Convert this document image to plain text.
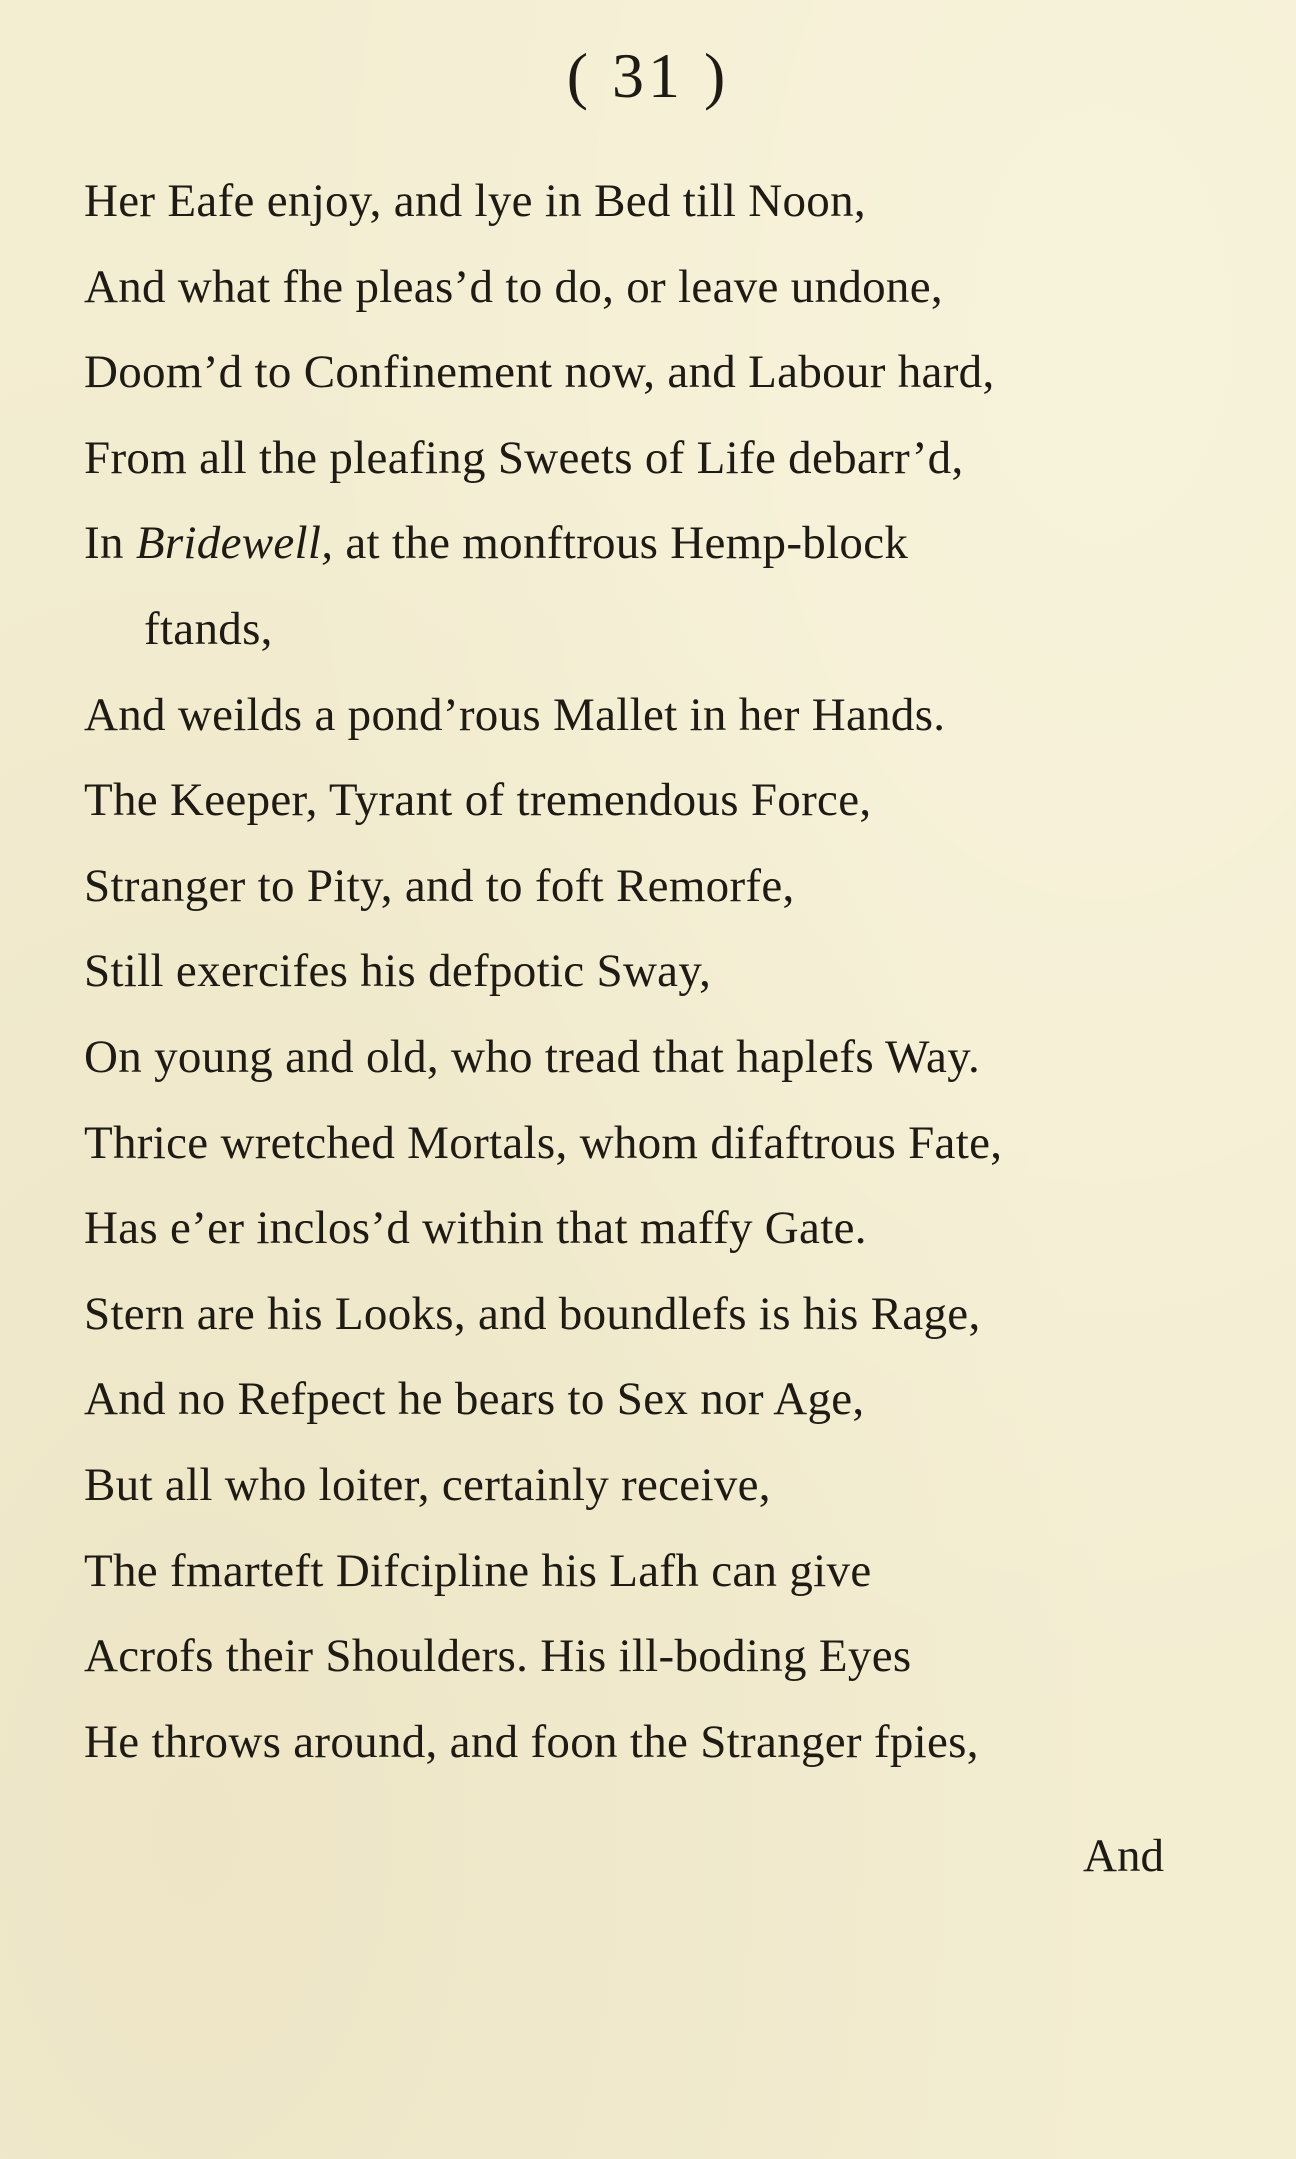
( 31 )
Her Eafe enjoy, and lye in Bed till Noon,
And what fhe pleas’d to do, or leave undone,
Doom’d to Confinement now, and Labour hard,
From all the pleafing Sweets of Life debarr’d,
In Bridewell, at the monftrous Hemp-block
ftands,
And weilds a pond’rous Mallet in her Hands.
The Keeper, Tyrant of tremendous Force,
Stranger to Pity, and to foft Remorfe,
Still exercifes his defpotic Sway,
On young and old, who tread that haplefs Way.
Thrice wretched Mortals, whom difaftrous Fate,
Has e’er inclos’d within that maffy Gate.
Stern are his Looks, and boundlefs is his Rage,
And no Refpect he bears to Sex nor Age,
But all who loiter, certainly receive,
The fmarteft Difcipline his Lafh can give
Acrofs their Shoulders. His ill-boding Eyes
He throws around, and foon the Stranger fpies,
And
